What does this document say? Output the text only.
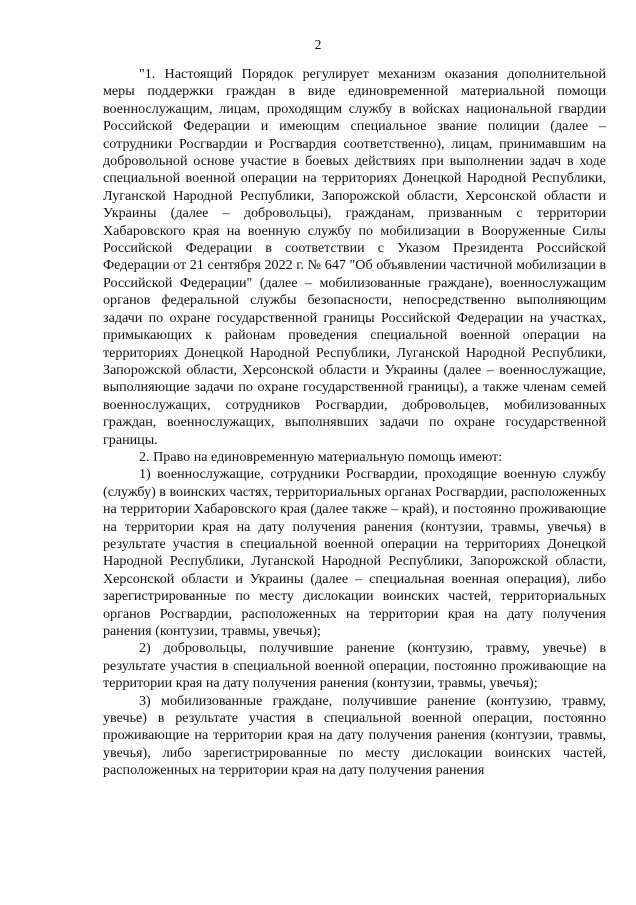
2

"1. Настоящий Порядок регулирует механизм оказания дополнительной меры поддержки граждан в виде единовременной материальной помощи военнослужащим, лицам, проходящим службу в войсках национальной гвардии Российской Федерации и имеющим специальное звание полиции (далее – сотрудники Росгвардии и Росгвардия соответственно), лицам, принимавшим на добровольной основе участие в боевых действиях при выполнении задач в ходе специальной военной операции на территориях Донецкой Народной Республики, Луганской Народной Республики, Запорожской области, Херсонской области и Украины (далее – добровольцы), гражданам, призванным с территории Хабаровского края на военную службу по мобилизации в Вооруженные Силы Российской Федерации в соответствии с Указом Президента Российской Федерации от 21 сентября 2022 г. № 647 "Об объявлении частичной мобилизации в Российской Федерации" (далее – мобилизованные граждане), военнослужащим органов федеральной службы безопасности, непосредственно выполняющим задачи по охране государственной границы Российской Федерации на участках, примыкающих к районам проведения специальной военной операции на территориях Донецкой Народной Республики, Луганской Народной Республики, Запорожской области, Херсонской области и Украины (далее – военнослужащие, выполняющие задачи по охране государственной границы), а также членам семей военнослужащих, сотрудников Росгвардии, добровольцев, мобилизованных граждан, военнослужащих, выполнявших задачи по охране государственной границы.

2. Право на единовременную материальную помощь имеют:

1) военнослужащие, сотрудники Росгвардии, проходящие военную службу (службу) в воинских частях, территориальных органах Росгвардии, расположенных на территории Хабаровского края (далее также – край), и постоянно проживающие на территории края на дату получения ранения (контузии, травмы, увечья) в результате участия в специальной военной операции на территориях Донецкой Народной Республики, Луганской Народной Республики, Запорожской области, Херсонской области и Украины (далее – специальная военная операция), либо зарегистрированные по месту дислокации воинских частей, территориальных органов Росгвардии, расположенных на территории края на дату получения ранения (контузии, травмы, увечья);

2) добровольцы, получившие ранение (контузию, травму, увечье) в результате участия в специальной военной операции, постоянно проживающие на территории края на дату получения ранения (контузии, травмы, увечья);

3) мобилизованные граждане, получившие ранение (контузию, травму, увечье) в результате участия в специальной военной операции, постоянно проживающие на территории края на дату получения ранения (контузии, травмы, увечья), либо зарегистрированные по месту дислокации воинских частей, расположенных на территории края на дату получения ранения
